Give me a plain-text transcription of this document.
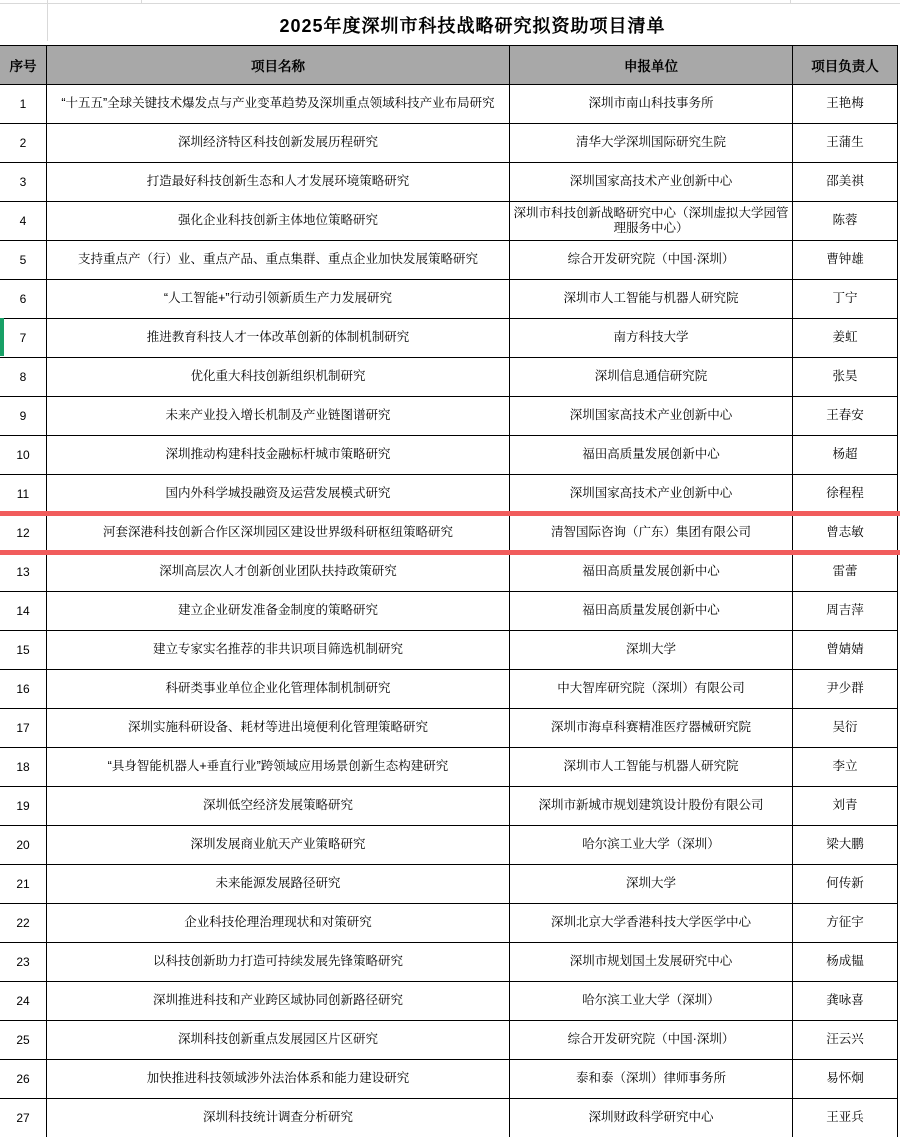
2025年度深圳市科技战略研究拟资助项目清单
序号	项目名称	申报单位	项目负责人
1	“十五五”全球关键技术爆发点与产业变革趋势及深圳重点领域科技产业布局研究	深圳市南山科技事务所	王艳梅
2	深圳经济特区科技创新发展历程研究	清华大学深圳国际研究生院	王蒲生
3	打造最好科技创新生态和人才发展环境策略研究	深圳国家高技术产业创新中心	邵美祺
4	强化企业科技创新主体地位策略研究	深圳市科技创新战略研究中心（深圳虚拟大学园管理服务中心）	陈蓉
5	支持重点产（行）业、重点产品、重点集群、重点企业加快发展策略研究	综合开发研究院（中国·深圳）	曹钟雄
6	“人工智能+”行动引领新质生产力发展研究	深圳市人工智能与机器人研究院	丁宁
7	推进教育科技人才一体改革创新的体制机制研究	南方科技大学	姜虹
8	优化重大科技创新组织机制研究	深圳信息通信研究院	张昊
9	未来产业投入增长机制及产业链图谱研究	深圳国家高技术产业创新中心	王春安
10	深圳推动构建科技金融标杆城市策略研究	福田高质量发展创新中心	杨超
11	国内外科学城投融资及运营发展模式研究	深圳国家高技术产业创新中心	徐程程
12	河套深港科技创新合作区深圳园区建设世界级科研枢纽策略研究	清智国际咨询（广东）集团有限公司	曾志敏
13	深圳高层次人才创新创业团队扶持政策研究	福田高质量发展创新中心	雷蕾
14	建立企业研发准备金制度的策略研究	福田高质量发展创新中心	周吉萍
15	建立专家实名推荐的非共识项目筛选机制研究	深圳大学	曾婧婧
16	科研类事业单位企业化管理体制机制研究	中大智库研究院（深圳）有限公司	尹少群
17	深圳实施科研设备、耗材等进出境便利化管理策略研究	深圳市海卓科赛精准医疗器械研究院	吴衍
18	“具身智能机器人+垂直行业”跨领域应用场景创新生态构建研究	深圳市人工智能与机器人研究院	李立
19	深圳低空经济发展策略研究	深圳市新城市规划建筑设计股份有限公司	刘青
20	深圳发展商业航天产业策略研究	哈尔滨工业大学（深圳）	梁大鹏
21	未来能源发展路径研究	深圳大学	何传新
22	企业科技伦理治理现状和对策研究	深圳北京大学香港科技大学医学中心	方征宇
23	以科技创新助力打造可持续发展先锋策略研究	深圳市规划国土发展研究中心	杨成韫
24	深圳推进科技和产业跨区域协同创新路径研究	哈尔滨工业大学（深圳）	龚咏喜
25	深圳科技创新重点发展园区片区研究	综合开发研究院（中国·深圳）	汪云兴
26	加快推进科技领域涉外法治体系和能力建设研究	泰和泰（深圳）律师事务所	易怀炯
27	深圳科技统计调查分析研究	深圳财政科学研究中心	王亚兵
